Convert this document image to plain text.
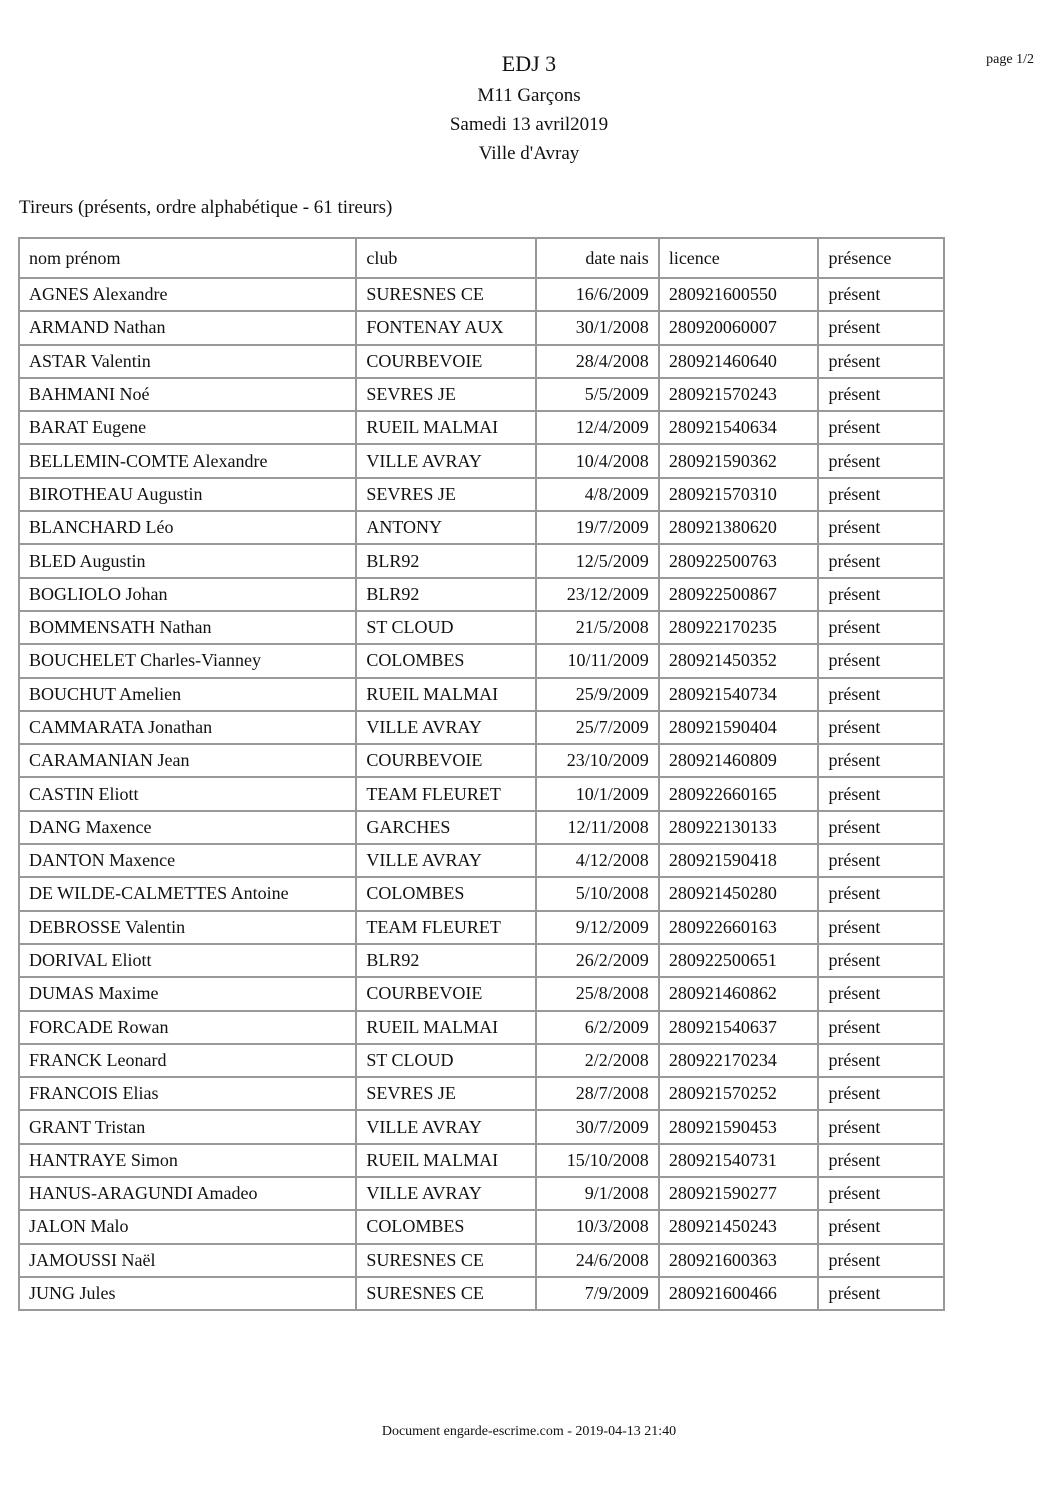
EDJ 3
M11 Garçons
Samedi 13 avril2019
Ville d'Avray
page 1/2
Tireurs (présents, ordre alphabétique - 61 tireurs)
nom prénom	club	date nais	licence	présence
AGNES Alexandre	SURESNES CE	16/6/2009	280921600550	présent
ARMAND Nathan	FONTENAY AUX	30/1/2008	280920060007	présent
ASTAR Valentin	COURBEVOIE	28/4/2008	280921460640	présent
BAHMANI Noé	SEVRES JE	5/5/2009	280921570243	présent
BARAT Eugene	RUEIL MALMAI	12/4/2009	280921540634	présent
BELLEMIN-COMTE Alexandre	VILLE AVRAY	10/4/2008	280921590362	présent
BIROTHEAU Augustin	SEVRES JE	4/8/2009	280921570310	présent
BLANCHARD Léo	ANTONY	19/7/2009	280921380620	présent
BLED Augustin	BLR92	12/5/2009	280922500763	présent
BOGLIOLO Johan	BLR92	23/12/2009	280922500867	présent
BOMMENSATH Nathan	ST CLOUD	21/5/2008	280922170235	présent
BOUCHELET Charles-Vianney	COLOMBES	10/11/2009	280921450352	présent
BOUCHUT Amelien	RUEIL MALMAI	25/9/2009	280921540734	présent
CAMMARATA Jonathan	VILLE AVRAY	25/7/2009	280921590404	présent
CARAMANIAN Jean	COURBEVOIE	23/10/2009	280921460809	présent
CASTIN Eliott	TEAM FLEURET	10/1/2009	280922660165	présent
DANG Maxence	GARCHES	12/11/2008	280922130133	présent
DANTON Maxence	VILLE AVRAY	4/12/2008	280921590418	présent
DE WILDE-CALMETTES Antoine	COLOMBES	5/10/2008	280921450280	présent
DEBROSSE Valentin	TEAM FLEURET	9/12/2009	280922660163	présent
DORIVAL Eliott	BLR92	26/2/2009	280922500651	présent
DUMAS Maxime	COURBEVOIE	25/8/2008	280921460862	présent
FORCADE Rowan	RUEIL MALMAI	6/2/2009	280921540637	présent
FRANCK Leonard	ST CLOUD	2/2/2008	280922170234	présent
FRANCOIS Elias	SEVRES JE	28/7/2008	280921570252	présent
GRANT Tristan	VILLE AVRAY	30/7/2009	280921590453	présent
HANTRAYE Simon	RUEIL MALMAI	15/10/2008	280921540731	présent
HANUS-ARAGUNDI Amadeo	VILLE AVRAY	9/1/2008	280921590277	présent
JALON Malo	COLOMBES	10/3/2008	280921450243	présent
JAMOUSSI Naël	SURESNES CE	24/6/2008	280921600363	présent
JUNG Jules	SURESNES CE	7/9/2009	280921600466	présent
Document engarde-escrime.com - 2019-04-13 21:40
